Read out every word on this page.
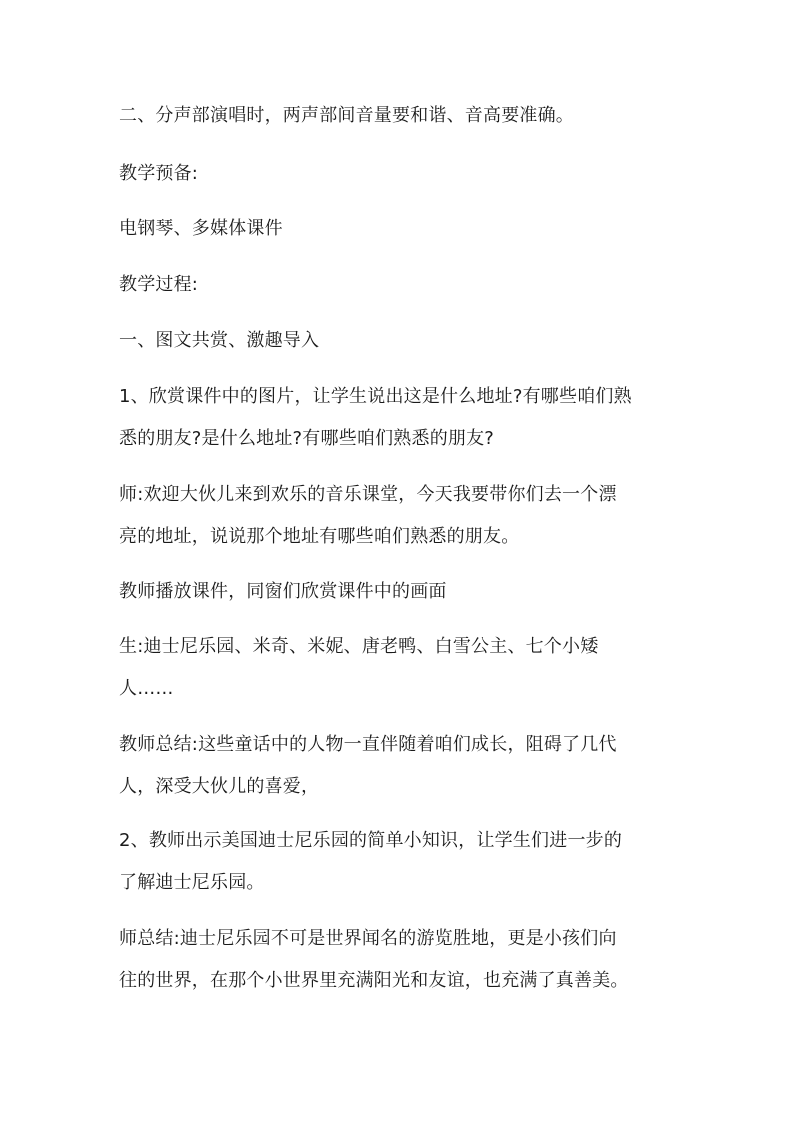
二、分声部演唱时，两声部间音量要和谐、音高要准确。

教学预备:

电钢琴、多媒体课件

教学过程:

一、图文共赏、激趣导入

1、欣赏课件中的图片，让学生说出这是什么地址?有哪些咱们熟

悉的朋友?是什么地址?有哪些咱们熟悉的朋友?

师:欢迎大伙儿来到欢乐的音乐课堂，今天我要带你们去一个漂

亮的地址，说说那个地址有哪些咱们熟悉的朋友。

教师播放课件，同窗们欣赏课件中的画面

生:迪士尼乐园、米奇、米妮、唐老鸭、白雪公主、七个小矮

人……

教师总结:这些童话中的人物一直伴随着咱们成长，阻碍了几代

人，深受大伙儿的喜爱，

2、教师出示美国迪士尼乐园的简单小知识，让学生们进一步的

了解迪士尼乐园。

师总结:迪士尼乐园不可是世界闻名的游览胜地，更是小孩们向

往的世界，在那个小世界里充满阳光和友谊，也充满了真善美。
